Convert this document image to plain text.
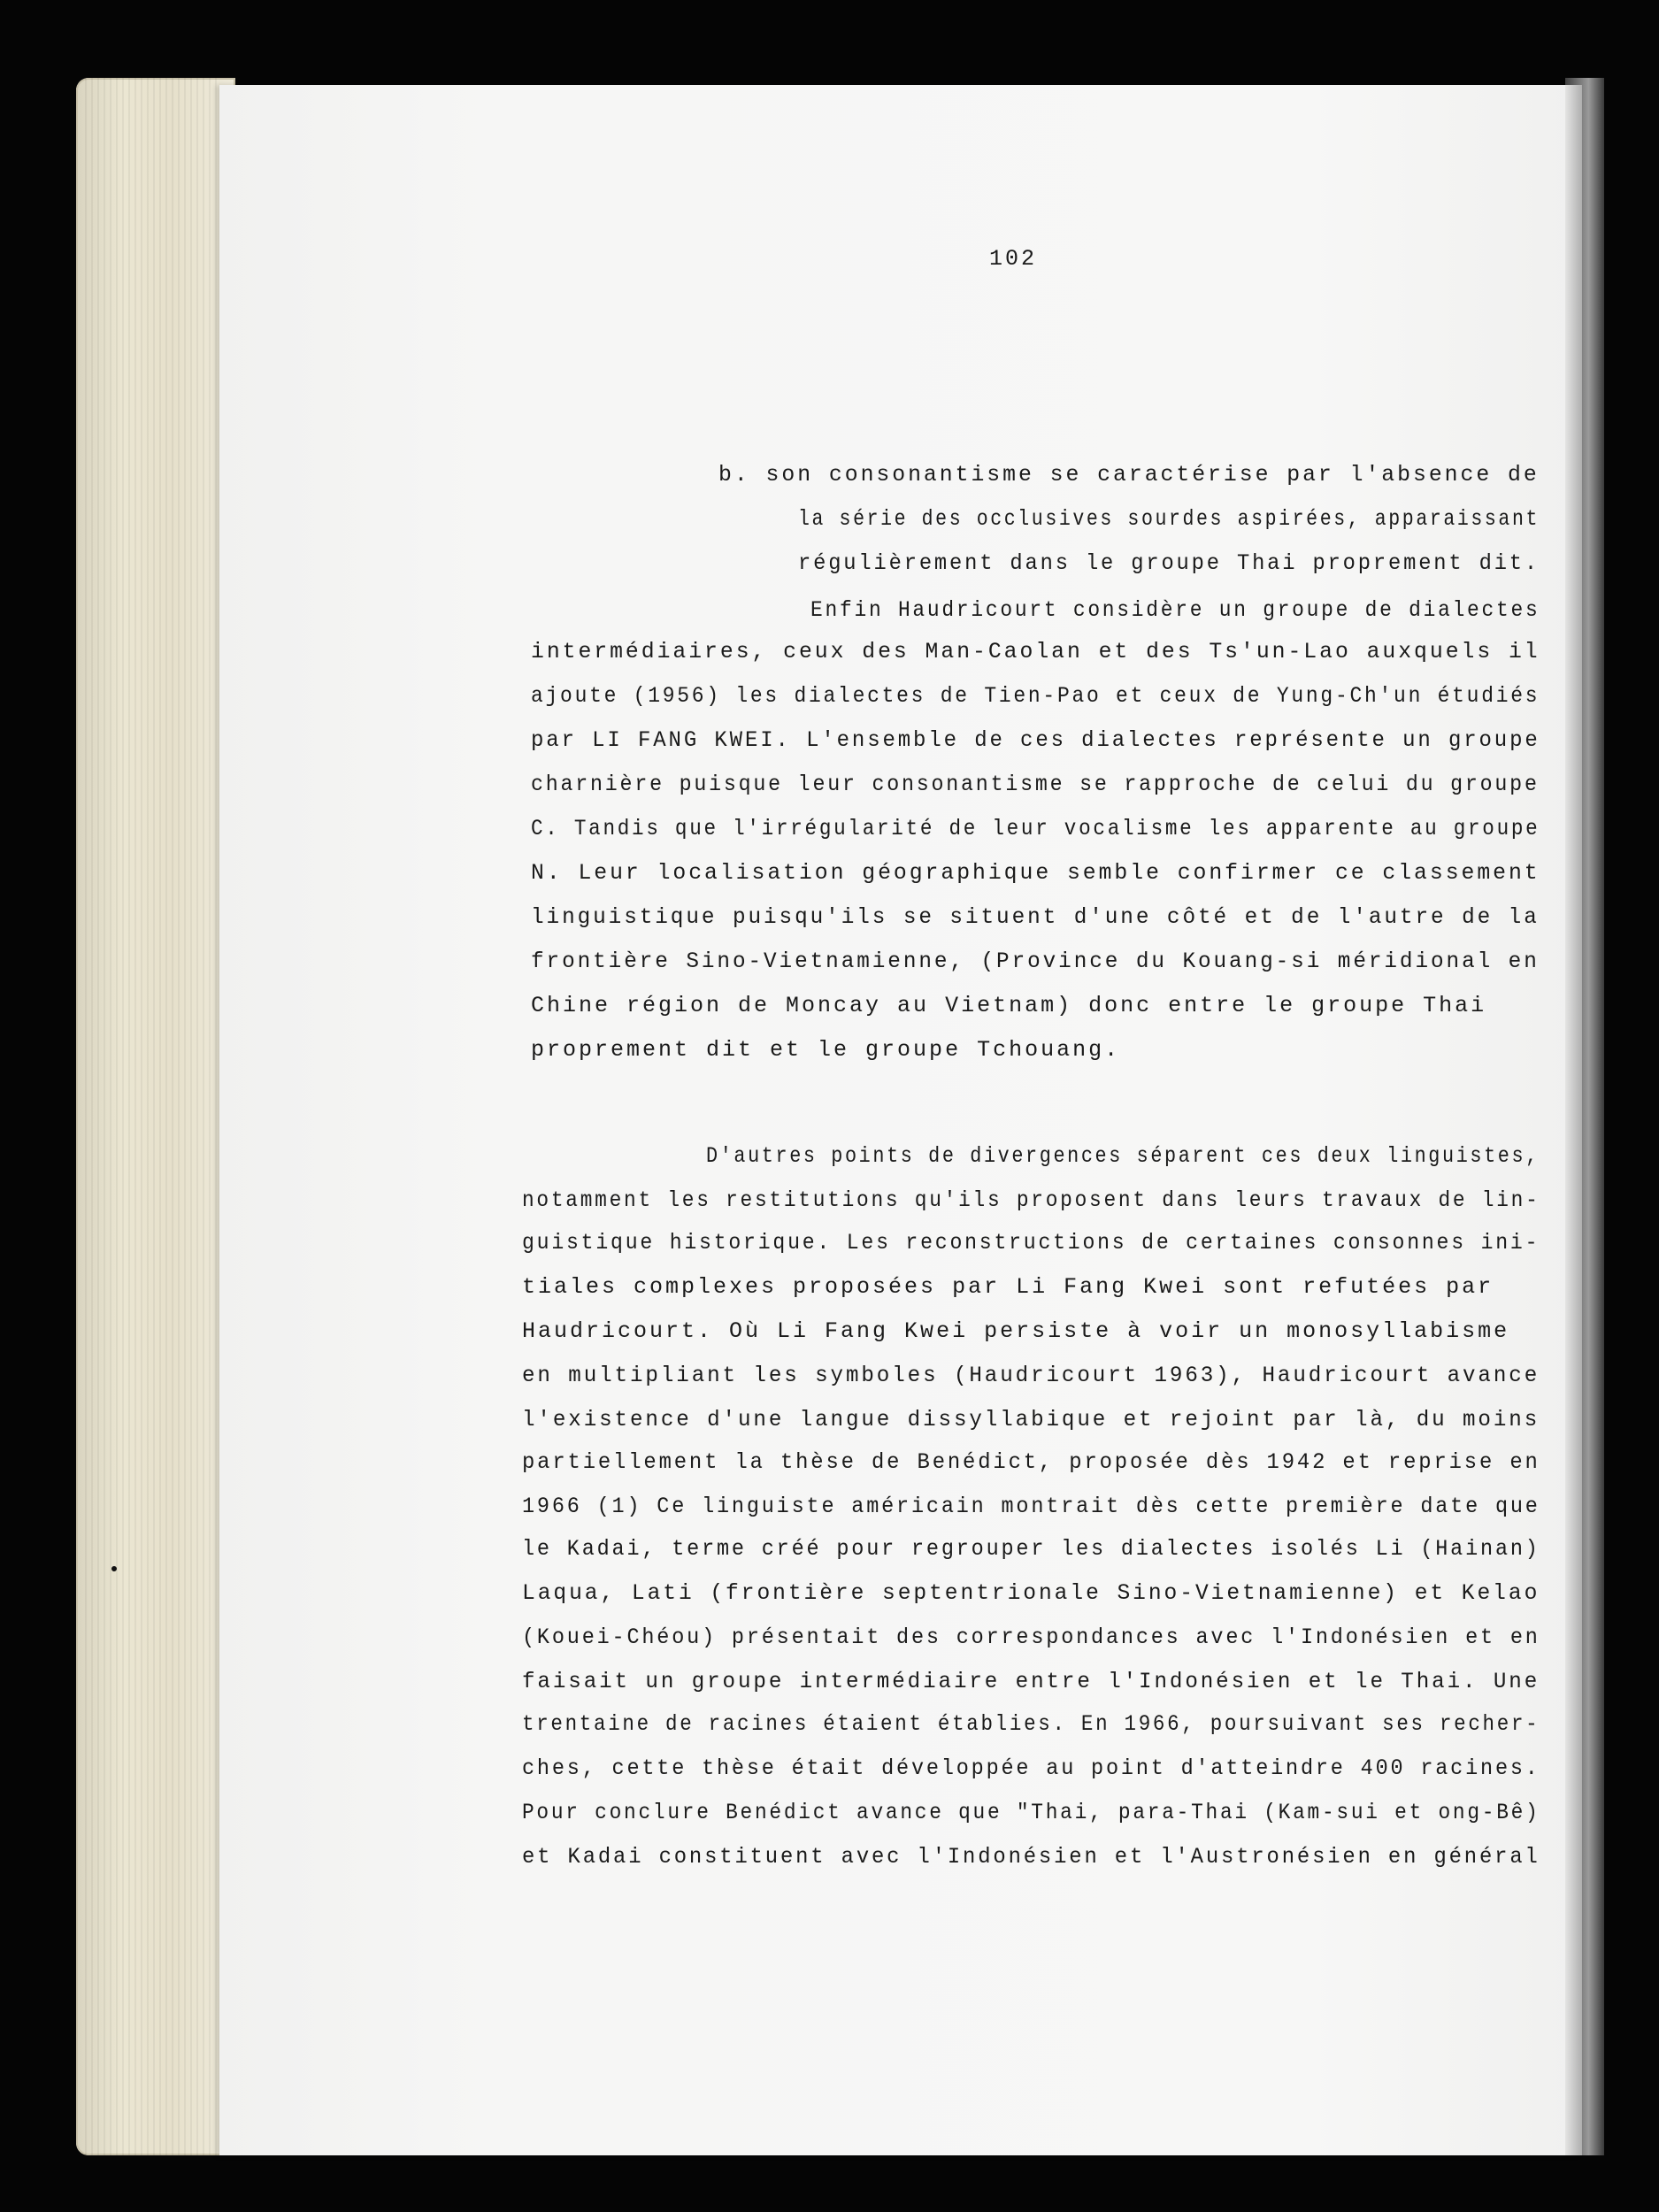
102
b. son consonantisme se caractérise par l'absence de
la série des occlusives sourdes aspirées, apparaissant
régulièrement dans le groupe Thai proprement dit.
Enfin Haudricourt considère un groupe de dialectes
intermédiaires, ceux des Man-Caolan et des Ts'un-Lao auxquels il
ajoute (1956) les dialectes de Tien-Pao et ceux de Yung-Ch'un étudiés
par LI FANG KWEI. L'ensemble de ces dialectes représente un groupe
charnière puisque leur consonantisme se rapproche de celui du groupe
C. Tandis que l'irrégularité de leur vocalisme les apparente au groupe
N. Leur localisation géographique semble confirmer ce classement
linguistique puisqu'ils se situent d'une côté et de l'autre de la
frontière Sino-Vietnamienne, (Province du Kouang-si méridional en
Chine région de Moncay au Vietnam) donc entre le groupe Thai
proprement dit et le groupe Tchouang.
D'autres points de divergences séparent ces deux linguistes,
notamment les restitutions qu'ils proposent dans leurs travaux de lin-
guistique historique. Les reconstructions de certaines consonnes ini-
tiales complexes proposées par Li Fang Kwei sont refutées par
Haudricourt. Où Li Fang Kwei persiste à voir un monosyllabisme
en multipliant les symboles (Haudricourt 1963), Haudricourt avance
l'existence d'une langue dissyllabique et rejoint par là, du moins
partiellement la thèse de Benédict, proposée dès 1942 et reprise en
1966 (1) Ce linguiste américain montrait dès cette première date que
le Kadai, terme créé pour regrouper les dialectes isolés Li (Hainan)
Laqua, Lati (frontière septentrionale Sino-Vietnamienne) et Kelao
(Kouei-Chéou) présentait des correspondances avec l'Indonésien et en
faisait un groupe intermédiaire entre l'Indonésien et le Thai. Une
trentaine de racines étaient établies. En 1966, poursuivant ses recher-
ches, cette thèse était développée au point d'atteindre 400 racines.
Pour conclure Benédict avance que "Thai, para-Thai (Kam-sui et ong-Bê)
et Kadai constituent avec l'Indonésien et l'Austronésien en général
